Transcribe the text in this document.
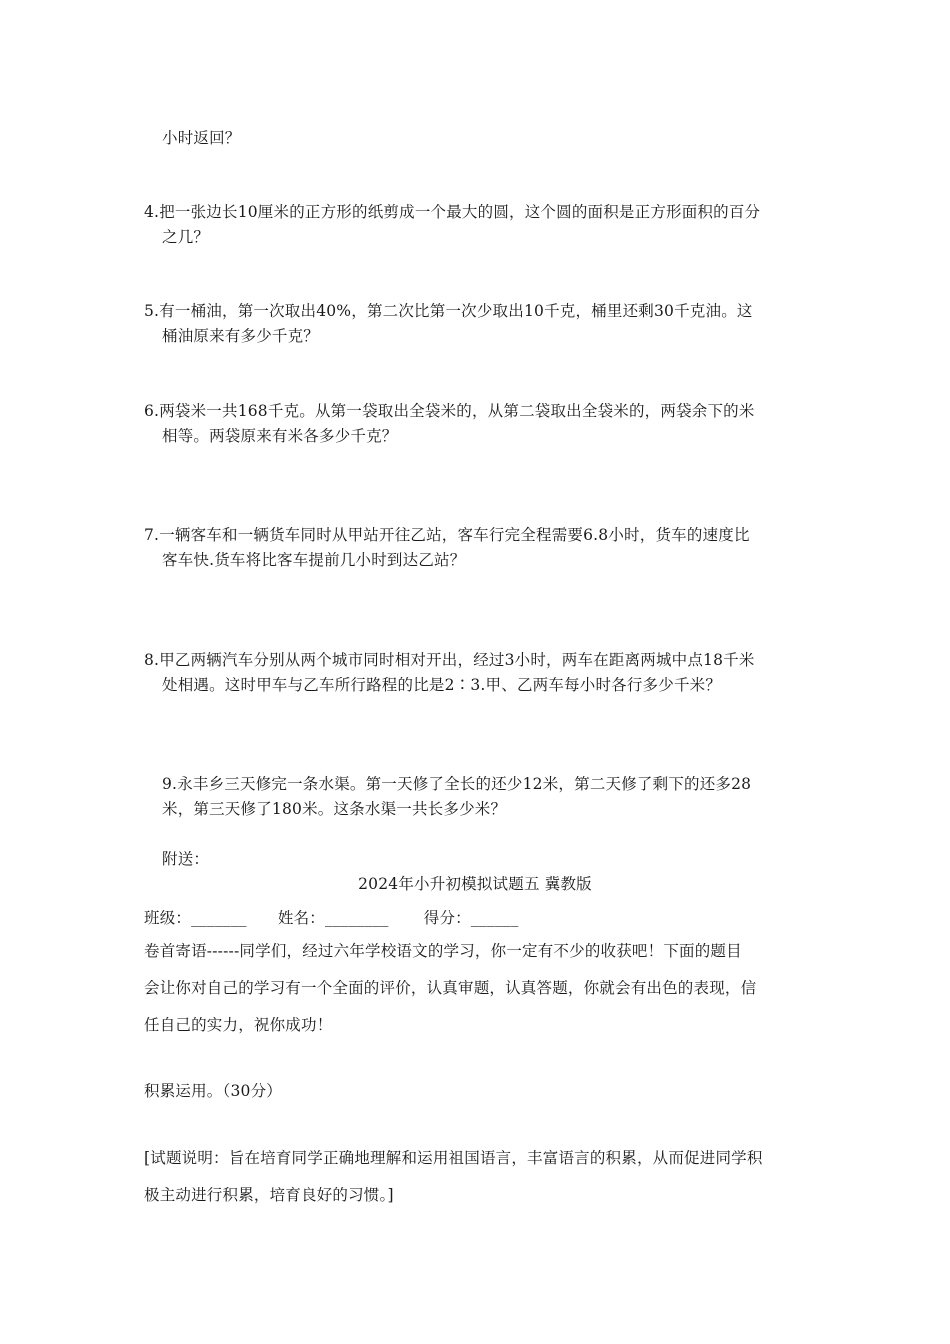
小时返回？
4.把一张边长10厘米的正方形的纸剪成一个最大的圆，这个圆的面积是正方形面积的百分
之几？
5.有一桶油，第一次取出40%，第二次比第一次少取出10千克，桶里还剩30千克油。这
桶油原来有多少千克？
6.两袋米一共168千克。从第一袋取出全袋米的，从第二袋取出全袋米的，两袋余下的米
相等。两袋原来有米各多少千克？
7.一辆客车和一辆货车同时从甲站开往乙站，客车行完全程需要6.8小时，货车的速度比
客车快.货车将比客车提前几小时到达乙站？
8.甲乙两辆汽车分别从两个城市同时相对开出，经过3小时，两车在距离两城中点18千米
处相遇。这时甲车与乙车所行路程的比是2∶3.甲、乙两车每小时各行多少千米？
9.永丰乡三天修完一条水渠。第一天修了全长的还少12米，第二天修了剩下的还多28
米，第三天修了180米。这条水渠一共长多少米？
附送：
2024年小升初模拟试题五 冀教版
班级：_______ 姓名：________ 得分：______
卷首寄语------同学们，经过六年学校语文的学习，你一定有不少的收获吧！下面的题目
会让你对自己的学习有一个全面的评价，认真审题，认真答题，你就会有出色的表现，信
任自己的实力，祝你成功！
积累运用。（30分）
[试题说明：旨在培育同学正确地理解和运用祖国语言，丰富语言的积累，从而促进同学积
极主动进行积累，培育良好的习惯。]
